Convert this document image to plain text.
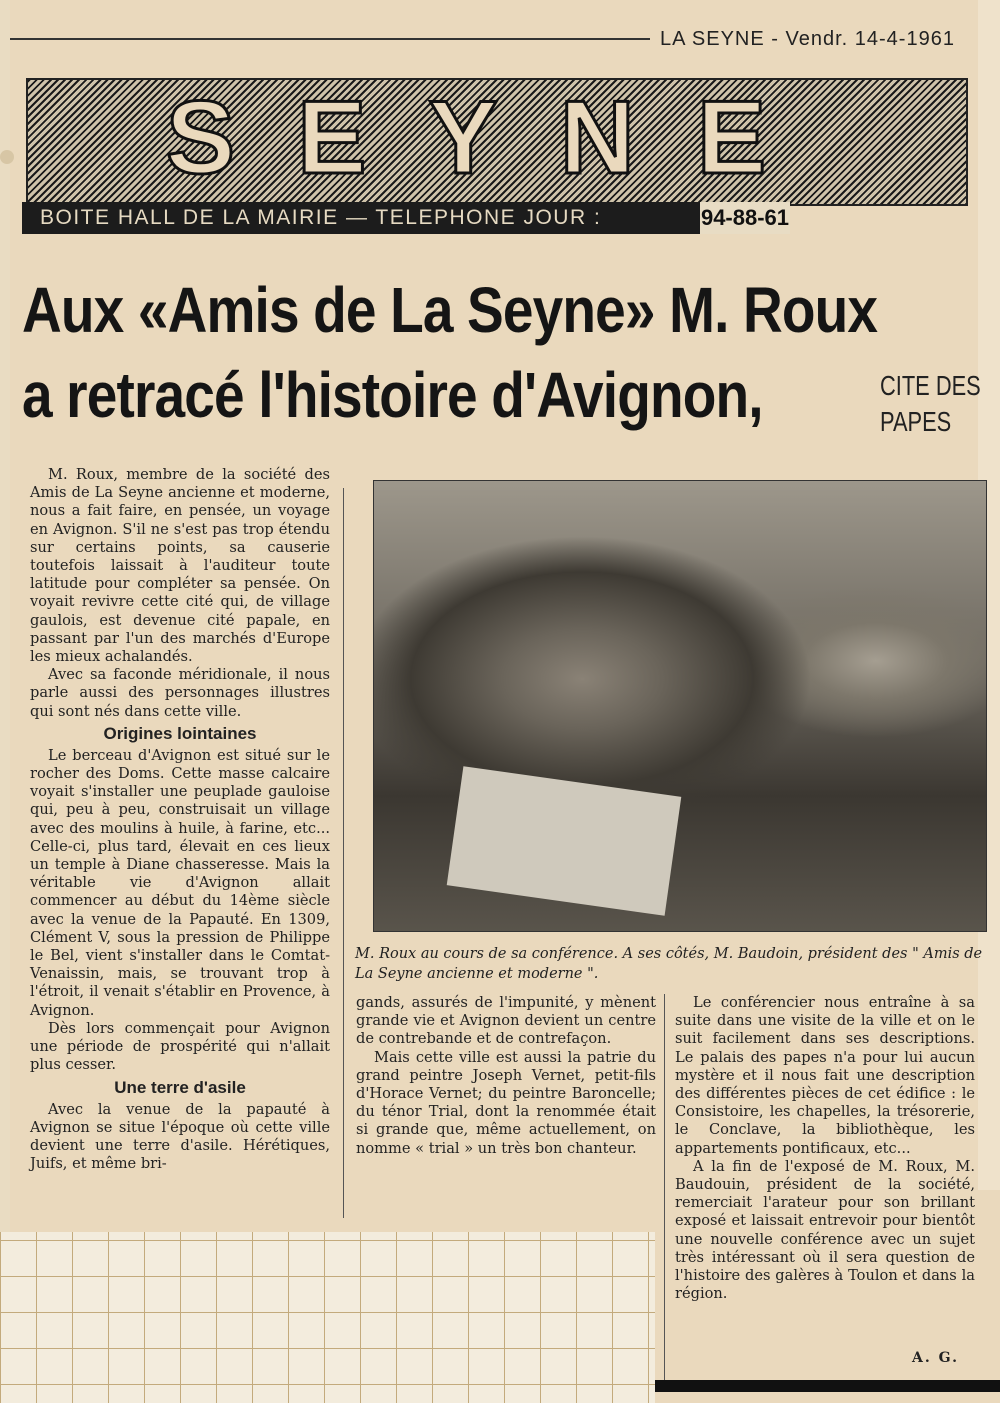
LA SEYNE - Vendr. 14-4-1961
SEYNE
BOITE HALL DE LA MAIRIE — TELEPHONE JOUR :	94-88-61
Aux «Amis de La Seyne» M. Roux
a retracé l'histoire d'Avignon,	CITE DES
PAPES
M. Roux au cours de sa conférence. A ses côtés, M. Baudoin, président des " Amis de La Seyne ancienne et moderne ".

M. Roux, membre de la société des Amis de La Seyne ancienne et moderne, nous a fait faire, en pensée, un voyage en Avignon. S'il ne s'est pas trop étendu sur certains points, sa causerie toutefois laissait à l'auditeur toute latitude pour compléter sa pensée. On voyait revivre cette cité qui, de village gaulois, est devenue cité papale, en passant par l'un des marchés d'Europe les mieux achalandés.

Avec sa faconde méridionale, il nous parle aussi des personnages illustres qui sont nés dans cette ville.

Origines lointaines

Le berceau d'Avignon est situé sur le rocher des Doms. Cette masse calcaire voyait s'installer une peuplade gauloise qui, peu à peu, construisait un village avec des moulins à huile, à farine, etc... Celle-ci, plus tard, élevait en ces lieux un temple à Diane chasseresse. Mais la véritable vie d'Avignon allait commencer au début du 14ème siècle avec la venue de la Papauté. En 1309, Clément V, sous la pression de Philippe le Bel, vient s'installer dans le Comtat-Venaissin, mais, se trouvant trop à l'étroit, il venait s'établir en Provence, à Avignon.

Dès lors commençait pour Avignon une période de prospérité qui n'allait plus cesser.

Une terre d'asile

Avec la venue de la papauté à Avignon se situe l'époque où cette ville devient une terre d'asile. Hérétiques, Juifs, et même bri-

gands, assurés de l'impunité, y mènent grande vie et Avignon devient un centre de contrebande et de contrefaçon.

Mais cette ville est aussi la patrie du grand peintre Joseph Vernet, petit-fils d'Horace Vernet; du peintre Baroncelle; du ténor Trial, dont la renommée était si grande que, même actuellement, on nomme « trial » un très bon chanteur.

Le conférencier nous entraîne à sa suite dans une visite de la ville et on le suit facilement dans ses descriptions. Le palais des papes n'a pour lui aucun mystère et il nous fait une description des différentes pièces de cet édifice : le Consistoire, les chapelles, la trésorerie, le Conclave, la bibliothèque, les appartements pontificaux, etc...

A la fin de l'exposé de M. Roux, M. Baudouin, président de la société, remerciait l'arateur pour son brillant exposé et laissait entrevoir pour bientôt une nouvelle conférence avec un sujet très intéressant où il sera question de l'histoire des galères à Toulon et dans la région.

A. G.
